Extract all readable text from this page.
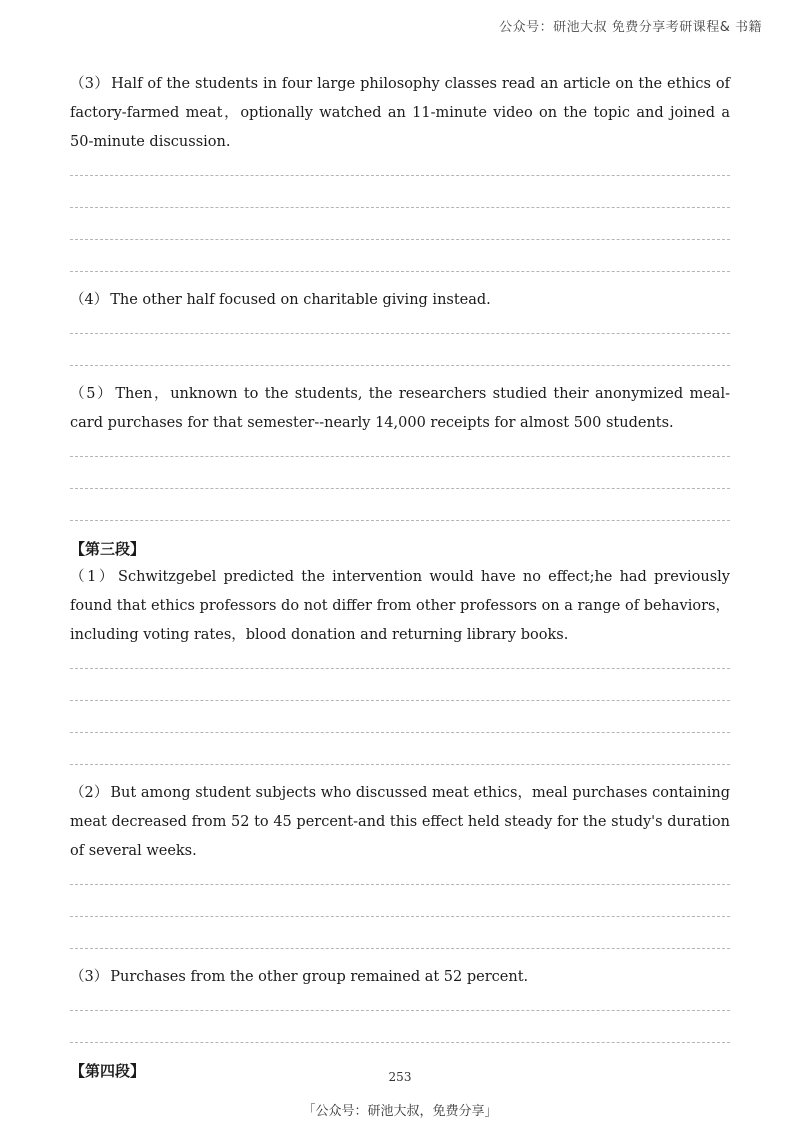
公众号：研池大叔 免费分享考研课程& 书籍

（3） Half of the students in four large philosophy classes read an article on the ethics of factory-farmed meat，optionally watched an 11-minute video on the topic and joined a 50-minute discussion.

（4） The other half focused on charitable giving instead.

（5） Then，unknown to the students, the researchers studied their anonymized meal-card purchases for that semester--nearly 14,000 receipts for almost 500 students.

【第三段】

（1） Schwitzgebel predicted the intervention would have no effect;he had previously found that ethics professors do not differ from other professors on a range of behaviors，including voting rates，blood donation and returning library books.

（2） But among student subjects who discussed meat ethics，meal purchases containing meat decreased from 52 to 45 percent-and this effect held steady for the study's duration of several weeks.

（3） Purchases from the other group remained at 52 percent.

【第四段】	253
「公众号：研池大叔，免费分享」
